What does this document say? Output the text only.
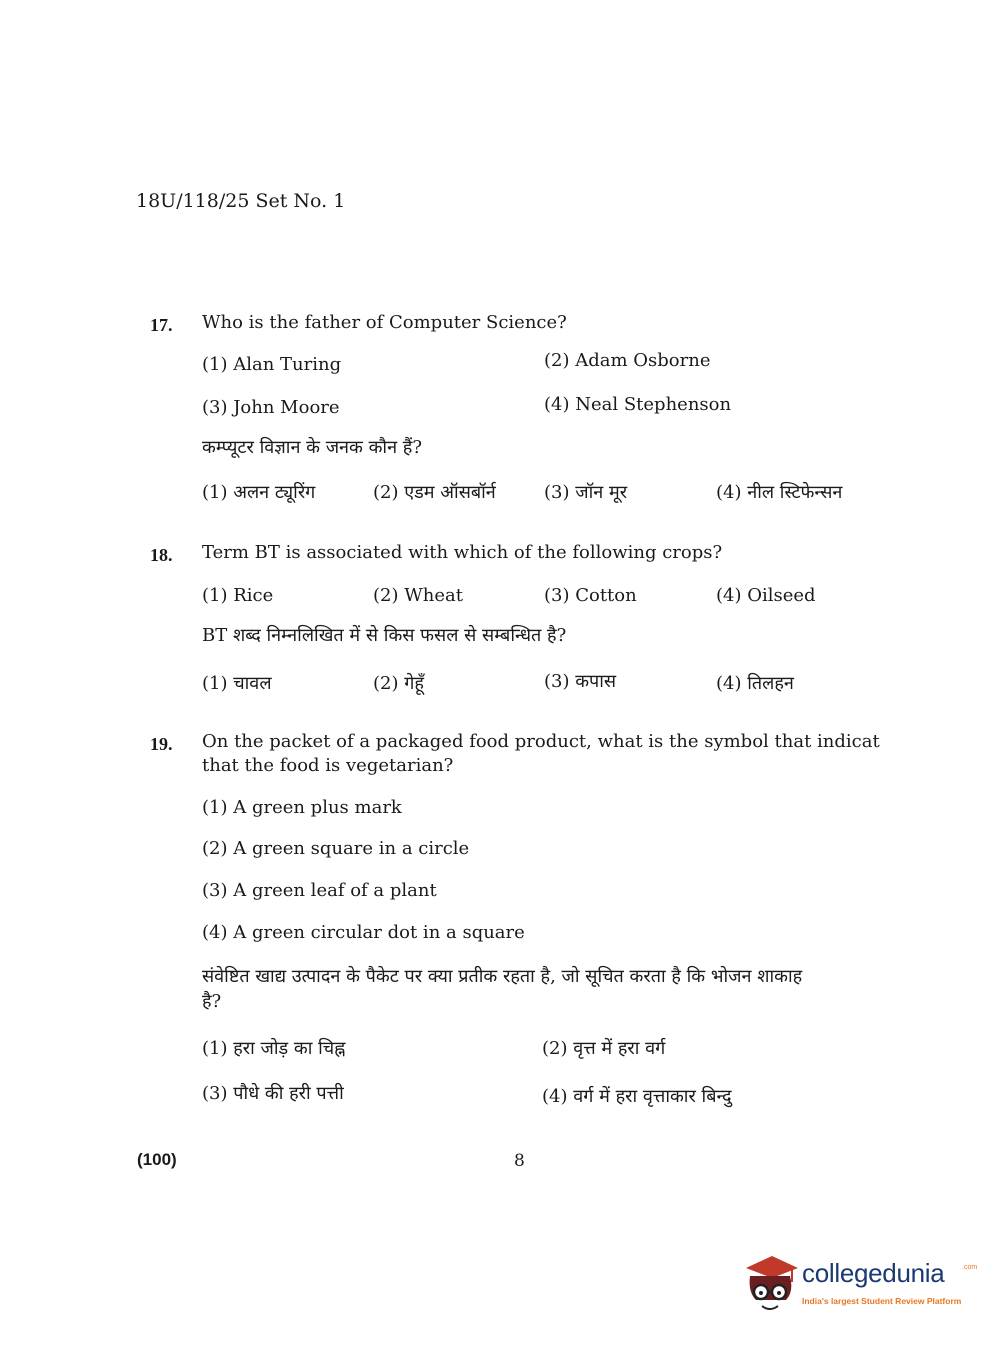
18U/118/25 Set No. 1
17. Who is the father of Computer Science?
(1) Alan Turing	(2) Adam Osborne
(3) John Moore	(4) Neal Stephenson
कम्प्यूटर विज्ञान के जनक कौन हैं?
(1) अलन ट्यूरिंग	(2) एडम ऑसबॉर्न	(3) जॉन मूर	(4) नील स्टिफेन्सन
18. Term BT is associated with which of the following crops?
(1) Rice	(2) Wheat	(3) Cotton	(4) Oilseed
BT शब्द निम्नलिखित में से किस फसल से सम्बन्धित है?
(1) चावल	(2) गेहूँ	(3) कपास	(4) तिलहन
19. On the packet of a packaged food product, what is the symbol that indicat
that the food is vegetarian?
(1) A green plus mark
(2) A green square in a circle
(3) A green leaf of a plant
(4) A green circular dot in a square
संवेष्टित खाद्य उत्पादन के पैकेट पर क्या प्रतीक रहता है, जो सूचित करता है कि भोजन शाकाह
है?
(1) हरा जोड़ का चिह्न	(2) वृत्त में हरा वर्ग
(3) पौधे की हरी पत्ती	(4) वर्ग में हरा वृत्ताकार बिन्दु
(100)	8
collegedunia	.com
India's largest Student Review Platform
